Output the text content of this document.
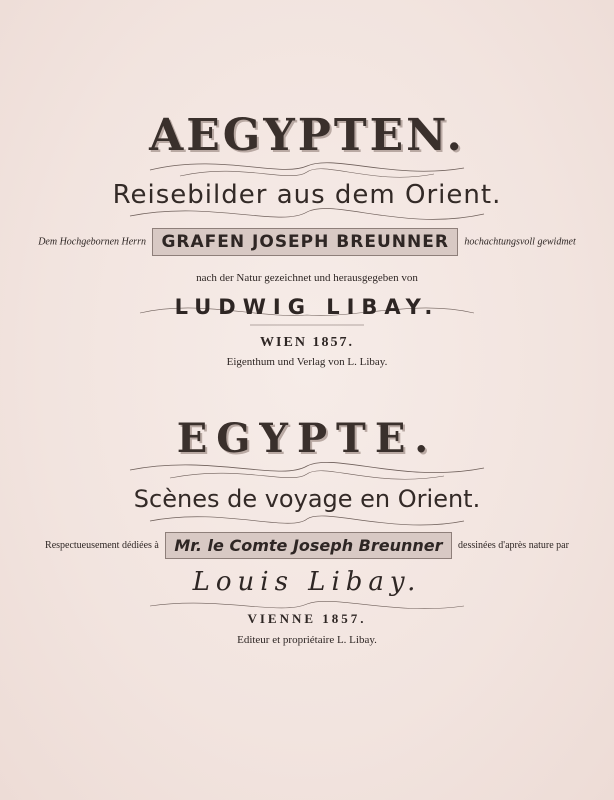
AEGYPTEN.
Reisebilder aus dem Orient.
Dem Hochgebornen Herrn GRAFEN JOSEPH BREUNNER hochachtungsvoll gewidmet
nach der Natur gezeichnet und herausgegeben von
LUDWIG LIBAY.
WIEN 1857.
Eigenthum und Verlag von L. Libay.
EGYPTE.
Scènes de voyage en Orient.
Respectueusement dédiées à Mr. le Comte Joseph Breunner dessinées d'après nature par
Louis Libay.
VIENNE 1857.
Editeur et propriétaire L. Libay.
